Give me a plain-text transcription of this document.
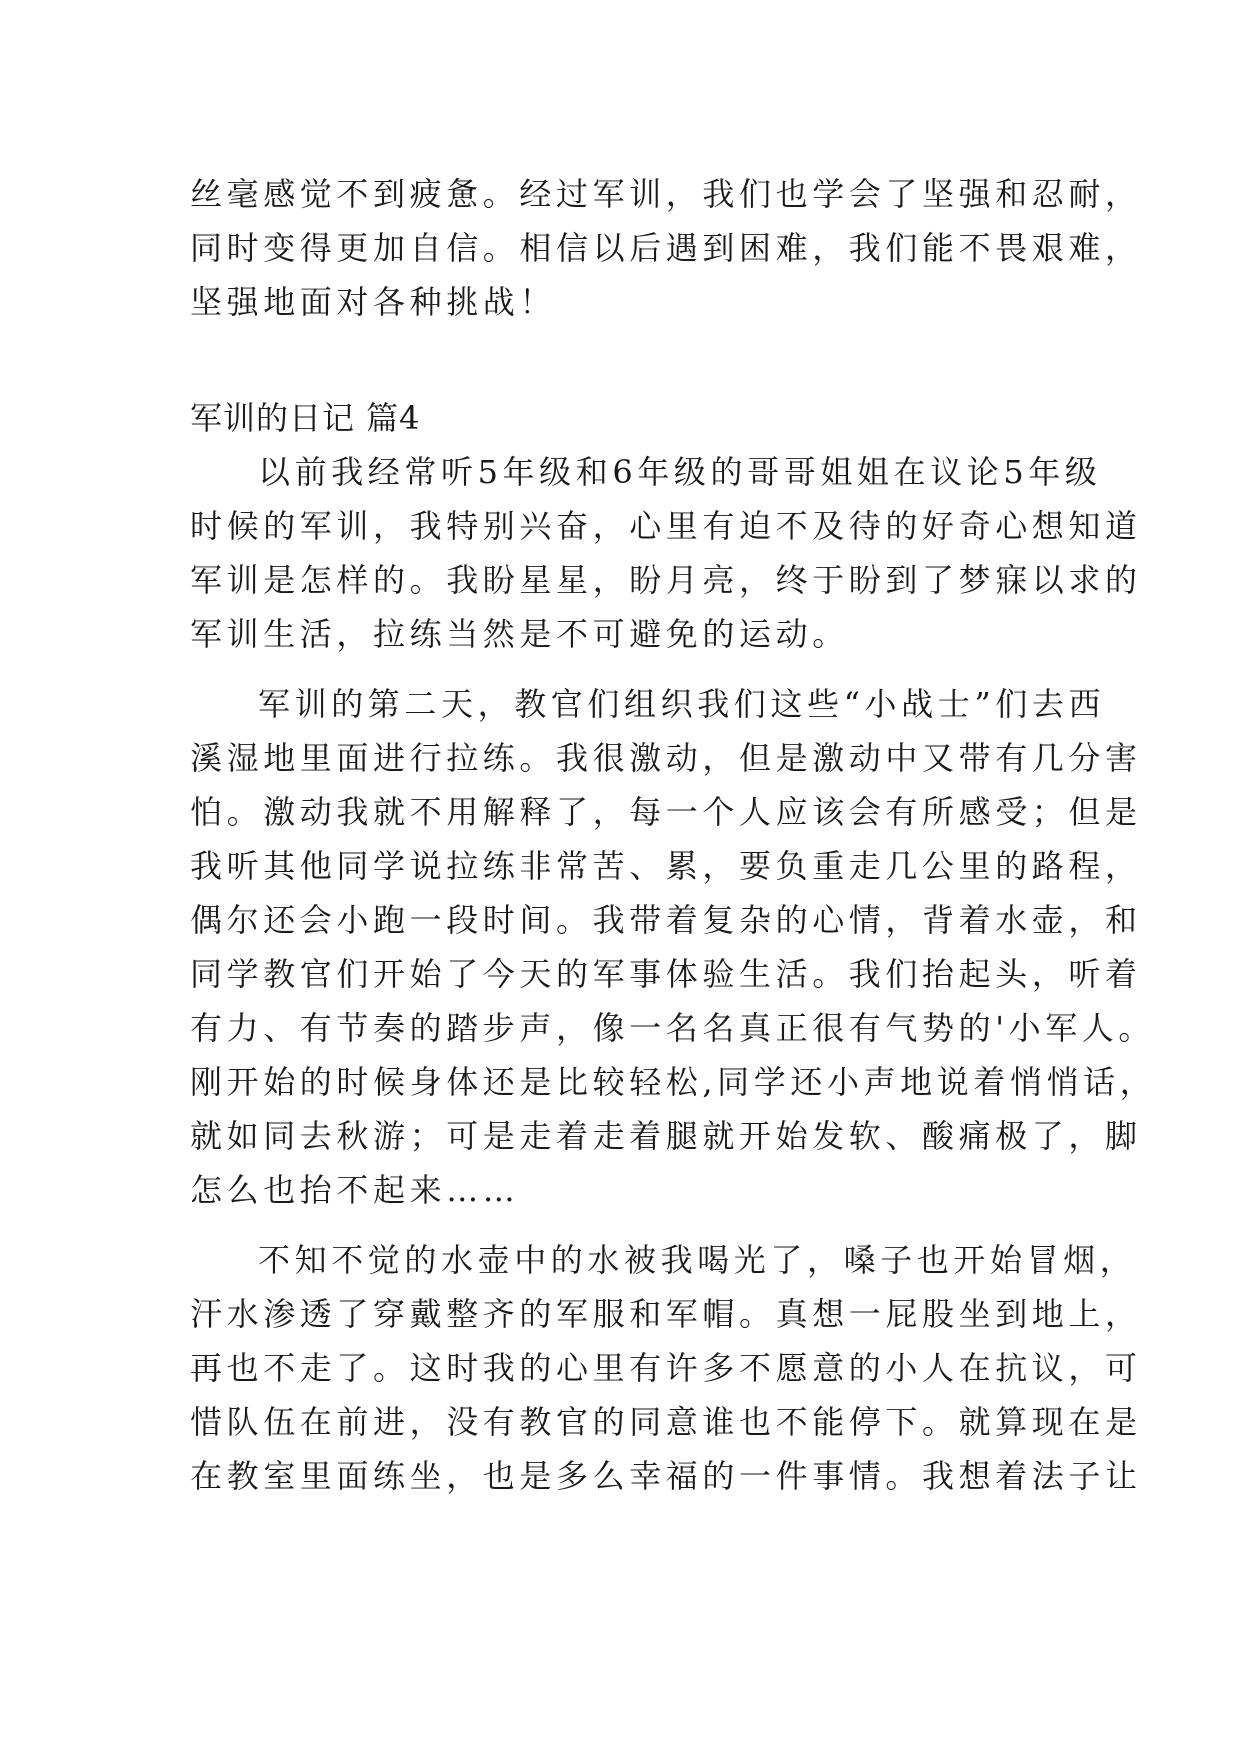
丝毫感觉不到疲惫。经过军训，我们也学会了坚强和忍耐，

同时变得更加自信。相信以后遇到困难，我们能不畏艰难，

坚强地面对各种挑战！

军训的日记 篇4

以前我经常听5年级和6年级的哥哥姐姐在议论5年级

时候的军训，我特别兴奋，心里有迫不及待的好奇心想知道

军训是怎样的。我盼星星，盼月亮，终于盼到了梦寐以求的

军训生活，拉练当然是不可避免的运动。

军训的第二天，教官们组织我们这些“小战士”们去西

溪湿地里面进行拉练。我很激动，但是激动中又带有几分害

怕。激动我就不用解释了，每一个人应该会有所感受；但是

我听其他同学说拉练非常苦、累，要负重走几公里的路程，

偶尔还会小跑一段时间。我带着复杂的心情，背着水壶，和

同学教官们开始了今天的军事体验生活。我们抬起头，听着

有力、有节奏的踏步声，像一名名真正很有气势的'小军人。

刚开始的时候身体还是比较轻松,同学还小声地说着悄悄话，

就如同去秋游；可是走着走着腿就开始发软、酸痛极了，脚

怎么也抬不起来……

不知不觉的水壶中的水被我喝光了，嗓子也开始冒烟，

汗水渗透了穿戴整齐的军服和军帽。真想一屁股坐到地上，

再也不走了。这时我的心里有许多不愿意的小人在抗议，可

惜队伍在前进，没有教官的同意谁也不能停下。就算现在是

在教室里面练坐，也是多么幸福的一件事情。我想着法子让
